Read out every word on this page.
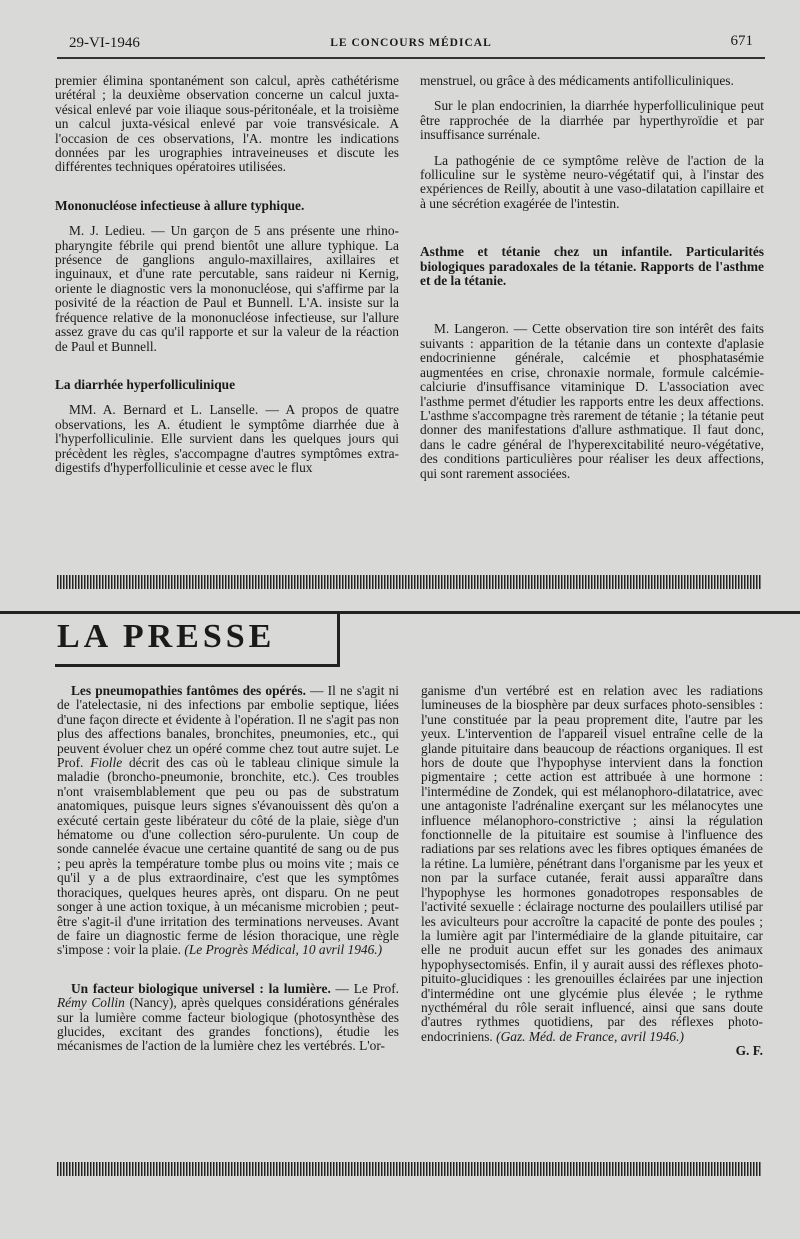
29-VI-1946	LE CONCOURS MÉDICAL	671

premier élimina spontanément son calcul, après cathétérisme urétéral ; la deuxième observation concerne un calcul juxta-vésical enlevé par voie iliaque sous-péritonéale, et la troisième un calcul juxta-vésical enlevé par voie transvésicale. A l'occasion de ces observations, l'A. montre les indications données par les urographies intraveineuses et discute les différentes techniques opératoires utilisées.

Mononucléose infectieuse à allure typhique.

M. J. Ledieu. — Un garçon de 5 ans présente une rhino-pharyngite fébrile qui prend bientôt une allure typhique. La présence de ganglions angulo-maxillaires, axillaires et inguinaux, et d'une rate percutable, sans raideur ni Kernig, oriente le diagnostic vers la mononucléose, qui s'affirme par la posivité de la réaction de Paul et Bunnell. L'A. insiste sur la fréquence relative de la mononucléose infectieuse, sur l'allure assez grave du cas qu'il rapporte et sur la valeur de la réaction de Paul et Bunnell.

La diarrhée hyperfolliculinique

MM. A. Bernard et L. Lanselle. — A propos de quatre observations, les A. étudient le symptôme diarrhée due à l'hyperfolliculinie. Elle survient dans les quelques jours qui précèdent les règles, s'accompagne d'autres symptômes extra-digestifs d'hyperfolliculinie et cesse avec le flux

menstruel, ou grâce à des médicaments antifolliculiniques.

Sur le plan endocrinien, la diarrhée hyperfolliculinique peut être rapprochée de la diarrhée par hyperthyroïdie et par insuffisance surrénale.

La pathogénie de ce symptôme relève de l'action de la folliculine sur le système neuro-végétatif qui, à l'instar des expériences de Reilly, aboutit à une vaso-dilatation capillaire et à une sécrétion exagérée de l'intestin.

Asthme et tétanie chez un infantile. Particularités biologiques paradoxales de la tétanie. Rapports de l'asthme et de la tétanie.

M. Langeron. — Cette observation tire son intérêt des faits suivants : apparition de la tétanie dans un contexte d'aplasie endocrinienne générale, calcémie et phosphatasémie augmentées en crise, chronaxie normale, formule calcémie-calciurie d'insuffisance vitaminique D. L'association avec l'asthme permet d'étudier les rapports entre les deux affections. L'asthme s'accompagne très rarement de tétanie ; la tétanie peut donner des manifestations d'allure asthmatique. Il faut donc, dans le cadre général de l'hyperexcitabilité neuro-végétative, des conditions particulières pour réaliser les deux affections, qui sont rarement associées.

LA PRESSE

Les pneumopathies fantômes des opérés. — Il ne s'agit ni de l'atelectasie, ni des infections par embolie septique, liées d'une façon directe et évidente à l'opération. Il ne s'agit pas non plus des affections banales, bronchites, pneumonies, etc., qui peuvent évoluer chez un opéré comme chez tout autre sujet. Le Prof. Fiolle décrit des cas où le tableau clinique simule la maladie (broncho-pneumonie, bronchite, etc.). Ces troubles n'ont vraisemblablement que peu ou pas de substratum anatomiques, puisque leurs signes s'évanouissent dès qu'on a exécuté certain geste libérateur du côté de la plaie, siège d'un hématome ou d'une collection séro-purulente. Un coup de sonde cannelée évacue une certaine quantité de sang ou de pus ; peu après la température tombe plus ou moins vite ; mais ce qu'il y a de plus extraordinaire, c'est que les symptômes thoraciques, quelques heures après, ont disparu. On ne peut songer à une action toxique, à un mécanisme microbien ; peut-être s'agit-il d'une irritation des terminations nerveuses. Avant de faire un diagnostic ferme de lésion thoracique, une règle s'impose : voir la plaie. (Le Progrès Médical, 10 avril 1946.)

Un facteur biologique universel : la lumière. — Le Prof. Rémy Collin (Nancy), après quelques considérations générales sur la lumière comme facteur biologique (photosynthèse des glucides, excitant des grandes fonctions), étudie les mécanismes de l'action de la lumière chez les vertébrés. L'or-

ganisme d'un vertébré est en relation avec les radiations lumineuses de la biosphère par deux surfaces photo-sensibles : l'une constituée par la peau proprement dite, l'autre par les yeux. L'intervention de l'appareil visuel entraîne celle de la glande pituitaire dans beaucoup de réactions organiques. Il est hors de doute que l'hypophyse intervient dans la fonction pigmentaire ; cette action est attribuée à une hormone : l'intermédine de Zondek, qui est mélanophoro-dilatatrice, avec une antagoniste l'adrénaline exerçant sur les mélanocytes une influence mélanophoro-constrictive ; ainsi la régulation fonctionnelle de la pituitaire est soumise à l'influence des radiations par ses relations avec les fibres optiques émanées de la rétine. La lumière, pénétrant dans l'organisme par les yeux et non par la surface cutanée, ferait aussi apparaître dans l'hypophyse les hormones gonadotropes responsables de l'activité sexuelle : éclairage nocturne des poulaillers utilisé par les aviculteurs pour accroître la capacité de ponte des poules ; la lumière agit par l'intermédiaire de la glande pituitaire, car elle ne produit aucun effet sur les gonades des animaux hypophysectomisés. Enfin, il y aurait aussi des réflexes photo-pituito-glucidiques : les grenouilles éclairées par une injection d'intermédine ont une glycémie plus élevée ; le rythme nycthéméral du rôle serait influencé, ainsi que sans doute d'autres rythmes quotidiens, par des réflexes photo-endocriniens. (Gaz. Méd. de France, avril 1946.)

G. F.
